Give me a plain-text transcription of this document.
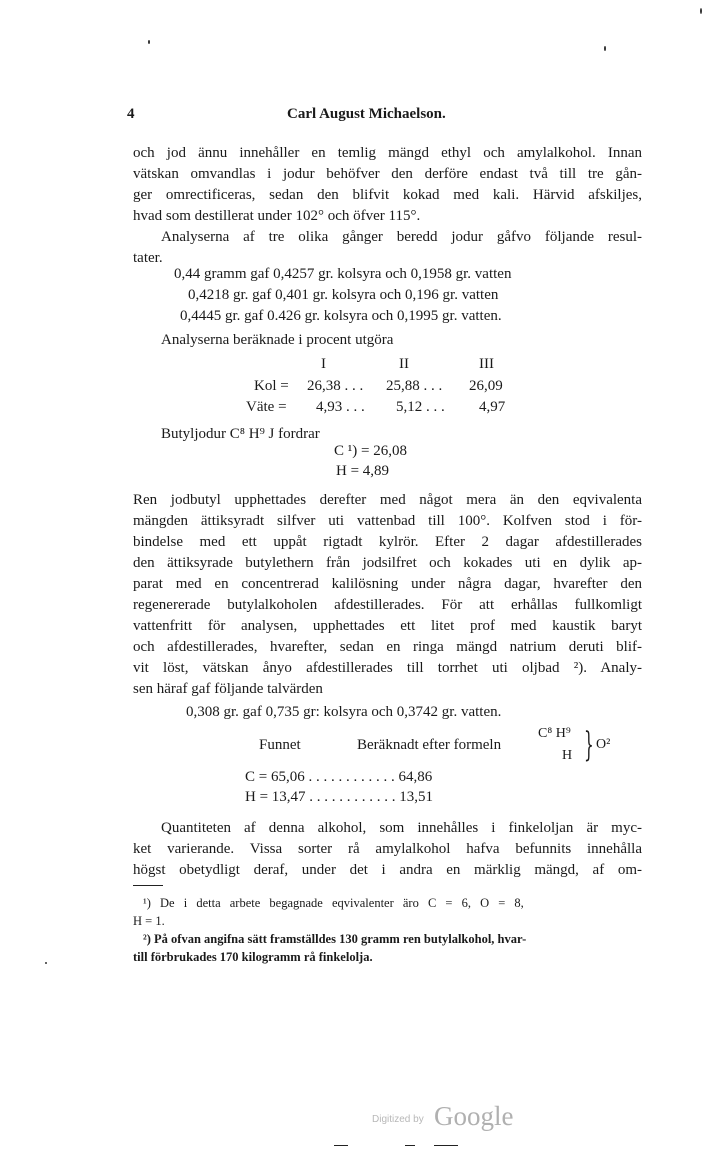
4	Carl August Michaelson.
och jod ännu innehåller en temlig mängd ethyl och amylalkohol. Innan
vätskan omvandlas i jodur behöfver den derföre endast två till tre gån-
ger omrectificeras, sedan den blifvit kokad med kali. Härvid afskiljes,
hvad som destillerat under 102° och öfver 115°.
Analyserna af tre olika gånger beredd jodur gåfvo följande resul-
tater.
0,44 gramm gaf 0,4257 gr. kolsyra och 0,1958 gr. vatten
0,4218 gr. gaf 0,401 gr. kolsyra och 0,196 gr. vatten
0,4445 gr. gaf 0.426 gr. kolsyra och 0,1995 gr. vatten.
Analyserna beräknade i procent utgöra
I	II	III
Kol = 26,38 . . . 25,88 . . . 26,09
Väte = 4,93 . . . 5,12 . . . 4,97
Butyljodur C⁸ H⁹ J fordrar
C ¹) = 26,08
H = 4,89
Ren jodbutyl upphettades derefter med något mera än den eqvivalenta
mängden ättiksyradt silfver uti vattenbad till 100°. Kolfven stod i för-
bindelse med ett uppåt rigtadt kylrör. Efter 2 dagar afdestillerades
den ättiksyrade butylethern från jodsilfret och kokades uti en dylik ap-
parat med en concentrerad kalilösning under några dagar, hvarefter den
regenererade butylalkoholen afdestillerades. För att erhållas fullkomligt
vattenfritt för analysen, upphettades ett litet prof med kaustik baryt
och afdestillerades, hvarefter, sedan en ringa mängd natrium deruti blif-
vit löst, vätskan ånyo afdestillerades till torrhet uti oljbad ²). Analy-
sen häraf gaf följande talvärden
0,308 gr. gaf 0,735 gr: kolsyra och 0,3742 gr. vatten.
Funnet	Beräknadt efter formeln
C⁸ H⁹
H } O²
C = 65,06 . . . . . . . . . . . . 64,86
H = 13,47 . . . . . . . . . . . . 13,51
Quantiteten af denna alkohol, som innehålles i finkeloljan är myc-
ket varierande. Vissa sorter rå amylalkohol hafva befunnits innehålla
högst obetydligt deraf, under det i andra en märklig mängd, af om-
¹) De i detta arbete begagnade eqvivalenter äro C = 6, O = 8,
H = 1.
²) På ofvan angifna sätt framställdes 130 gramm ren butylalkohol, hvar-
till förbrukades 170 kilogramm rå finkelolja.
Digitized by Google
